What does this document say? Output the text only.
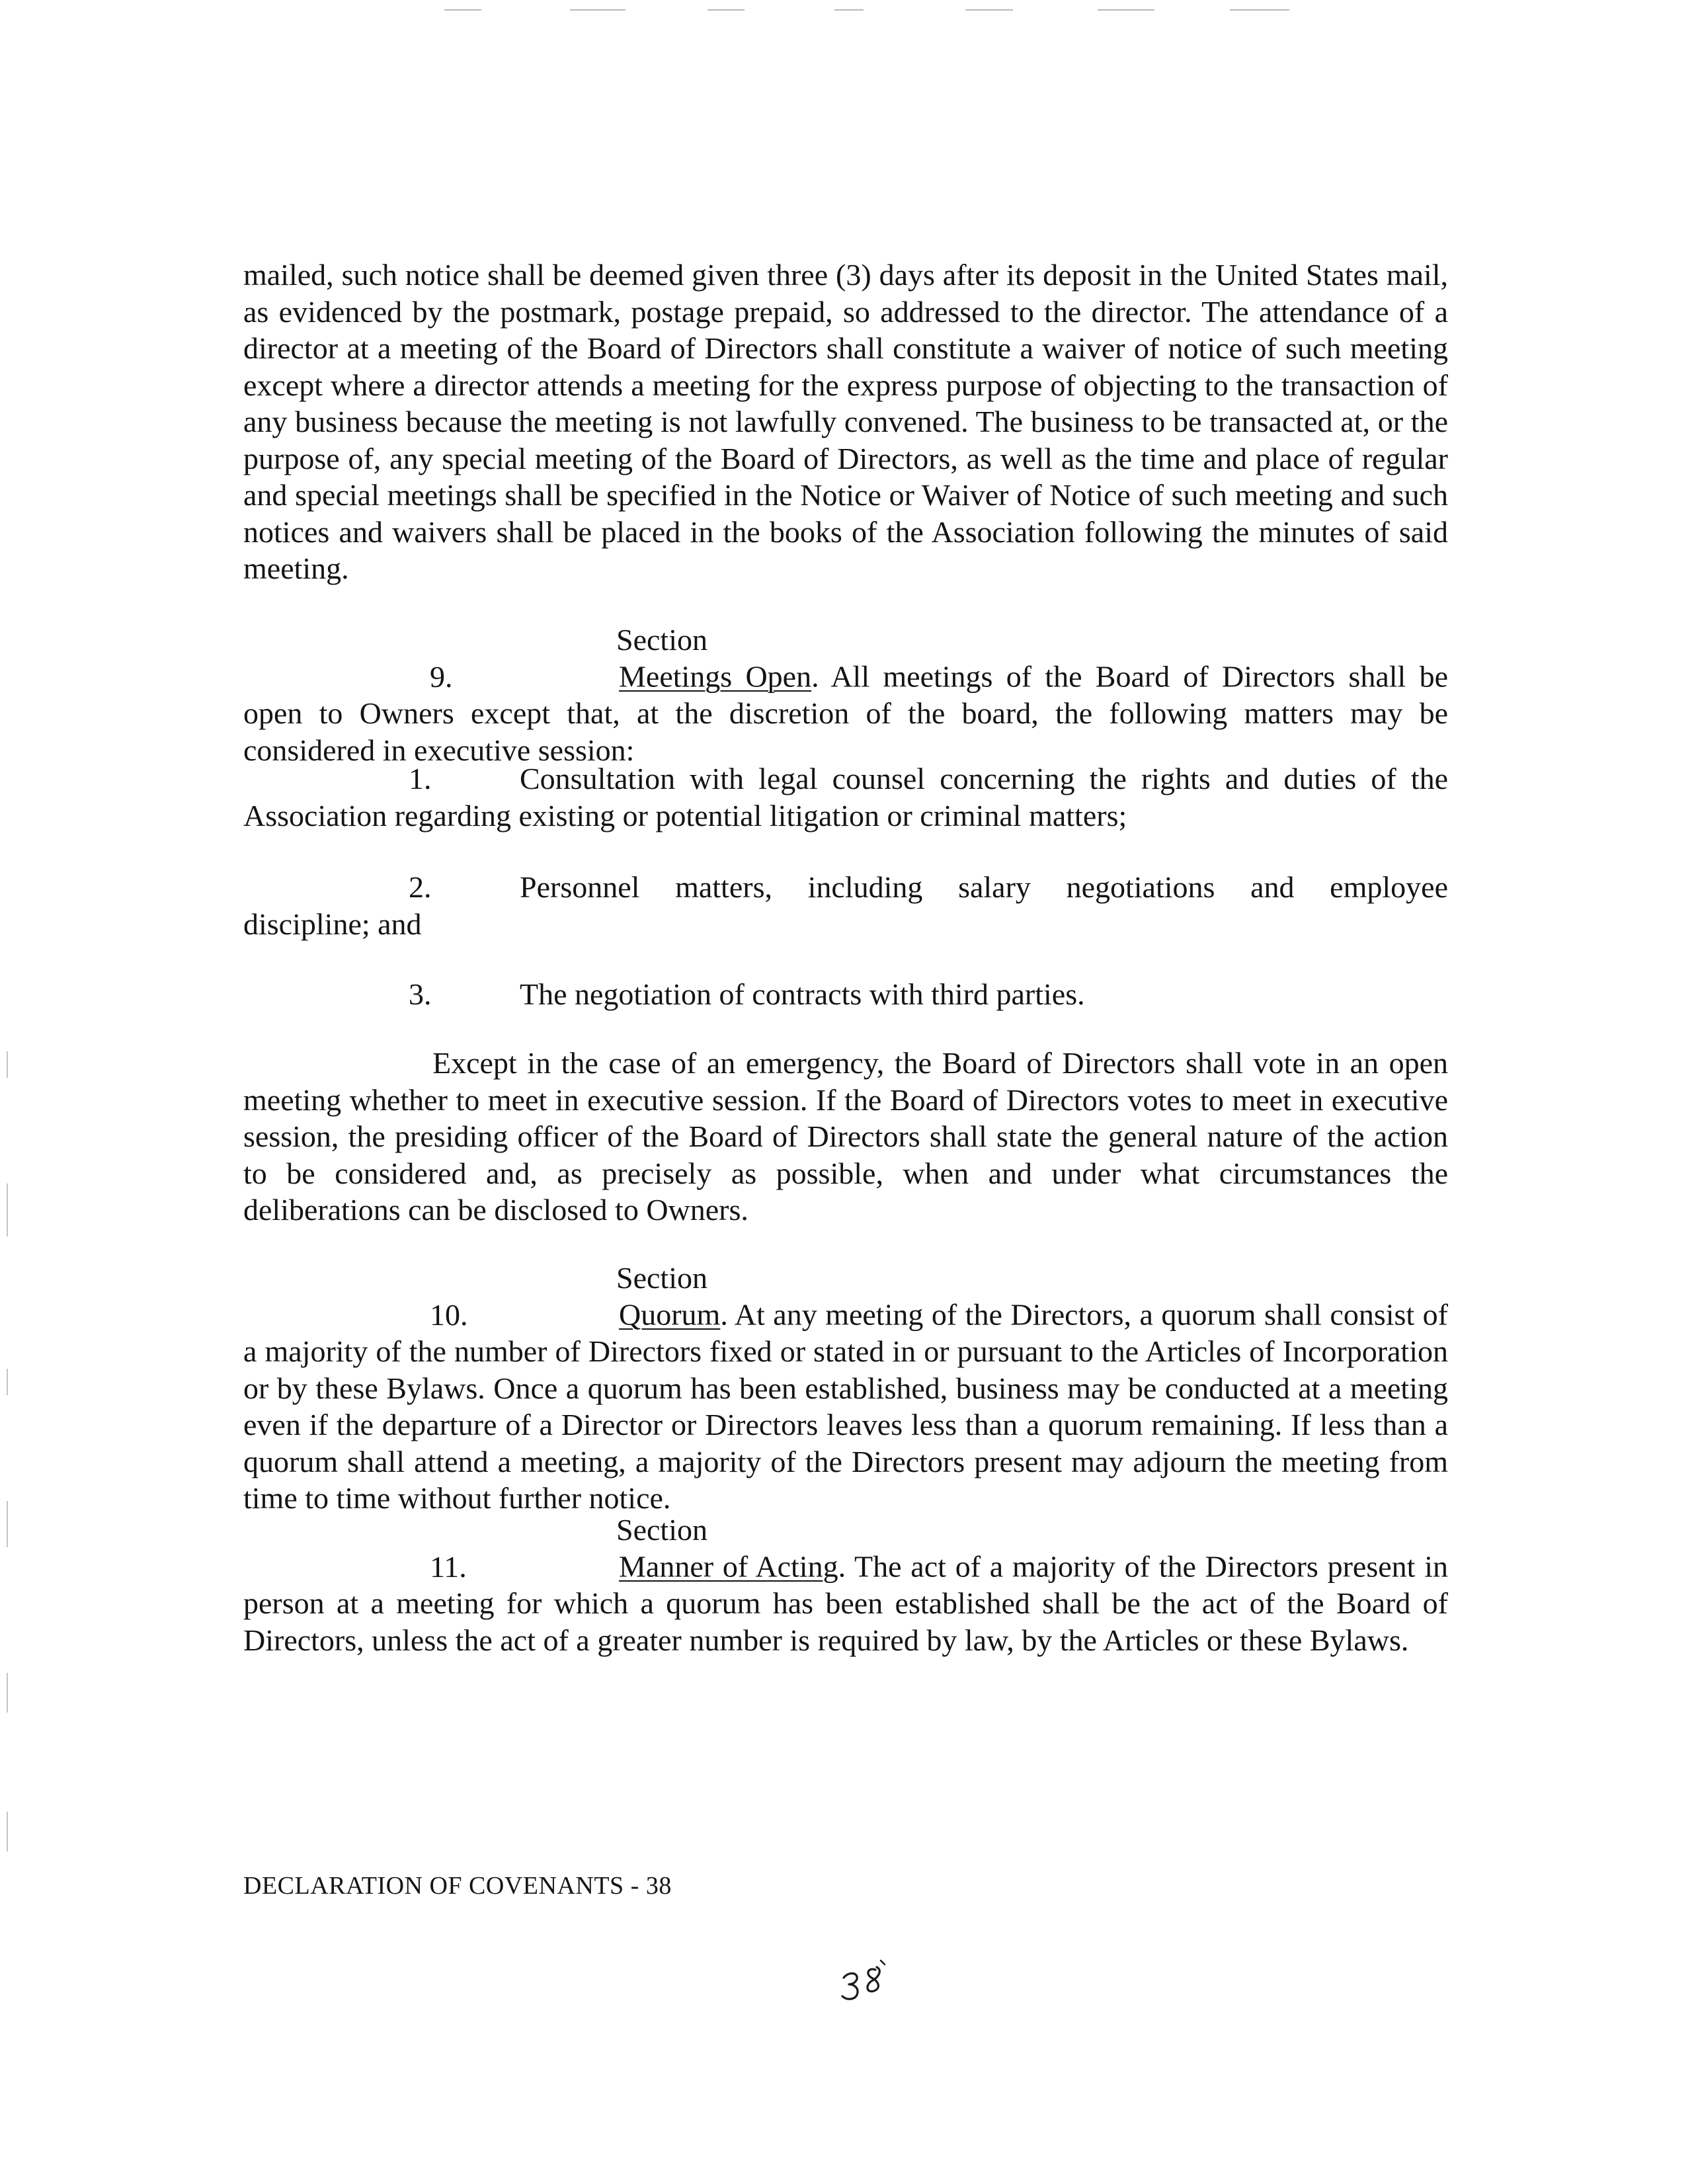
mailed, such notice shall be deemed given three (3) days after its deposit in the United States mail, as evidenced by the postmark, postage prepaid, so addressed to the director. The attendance of a director at a meeting of the Board of Directors shall constitute a waiver of notice of such meeting except where a director attends a meeting for the express purpose of objecting to the transaction of any business because the meeting is not lawfully convened. The business to be transacted at, or the purpose of, any special meeting of the Board of Directors, as well as the time and place of regular and special meetings shall be specified in the Notice or Waiver of Notice of such meeting and such notices and waivers shall be placed in the books of the Association following the minutes of said meeting.

Section 9.	Meetings Open. All meetings of the Board of Directors shall be open to Owners except that, at the discretion of the board, the following matters may be considered in executive session:

1.	Consultation with legal counsel concerning the rights and duties of the Association regarding existing or potential litigation or criminal matters;

2.	Personnel matters, including salary negotiations and employee

discipline; and

3.	The negotiation of contracts with third parties.

Except in the case of an emergency, the Board of Directors shall vote in an open meeting whether to meet in executive session. If the Board of Directors votes to meet in executive session, the presiding officer of the Board of Directors shall state the general nature of the action to be considered and, as precisely as possible, when and under what circumstances the deliberations can be disclosed to Owners.

Section 10.	Quorum. At any meeting of the Directors, a quorum shall consist of a majority of the number of Directors fixed or stated in or pursuant to the Articles of Incorporation or by these Bylaws. Once a quorum has been established, business may be conducted at a meeting even if the departure of a Director or Directors leaves less than a quorum remaining. If less than a quorum shall attend a meeting, a majority of the Directors present may adjourn the meeting from time to time without further notice.

Section 11.	Manner of Acting. The act of a majority of the Directors present in person at a meeting for which a quorum has been established shall be the act of the Board of Directors, unless the act of a greater number is required by law, by the Articles or these Bylaws.

DECLARATION OF COVENANTS - 38
